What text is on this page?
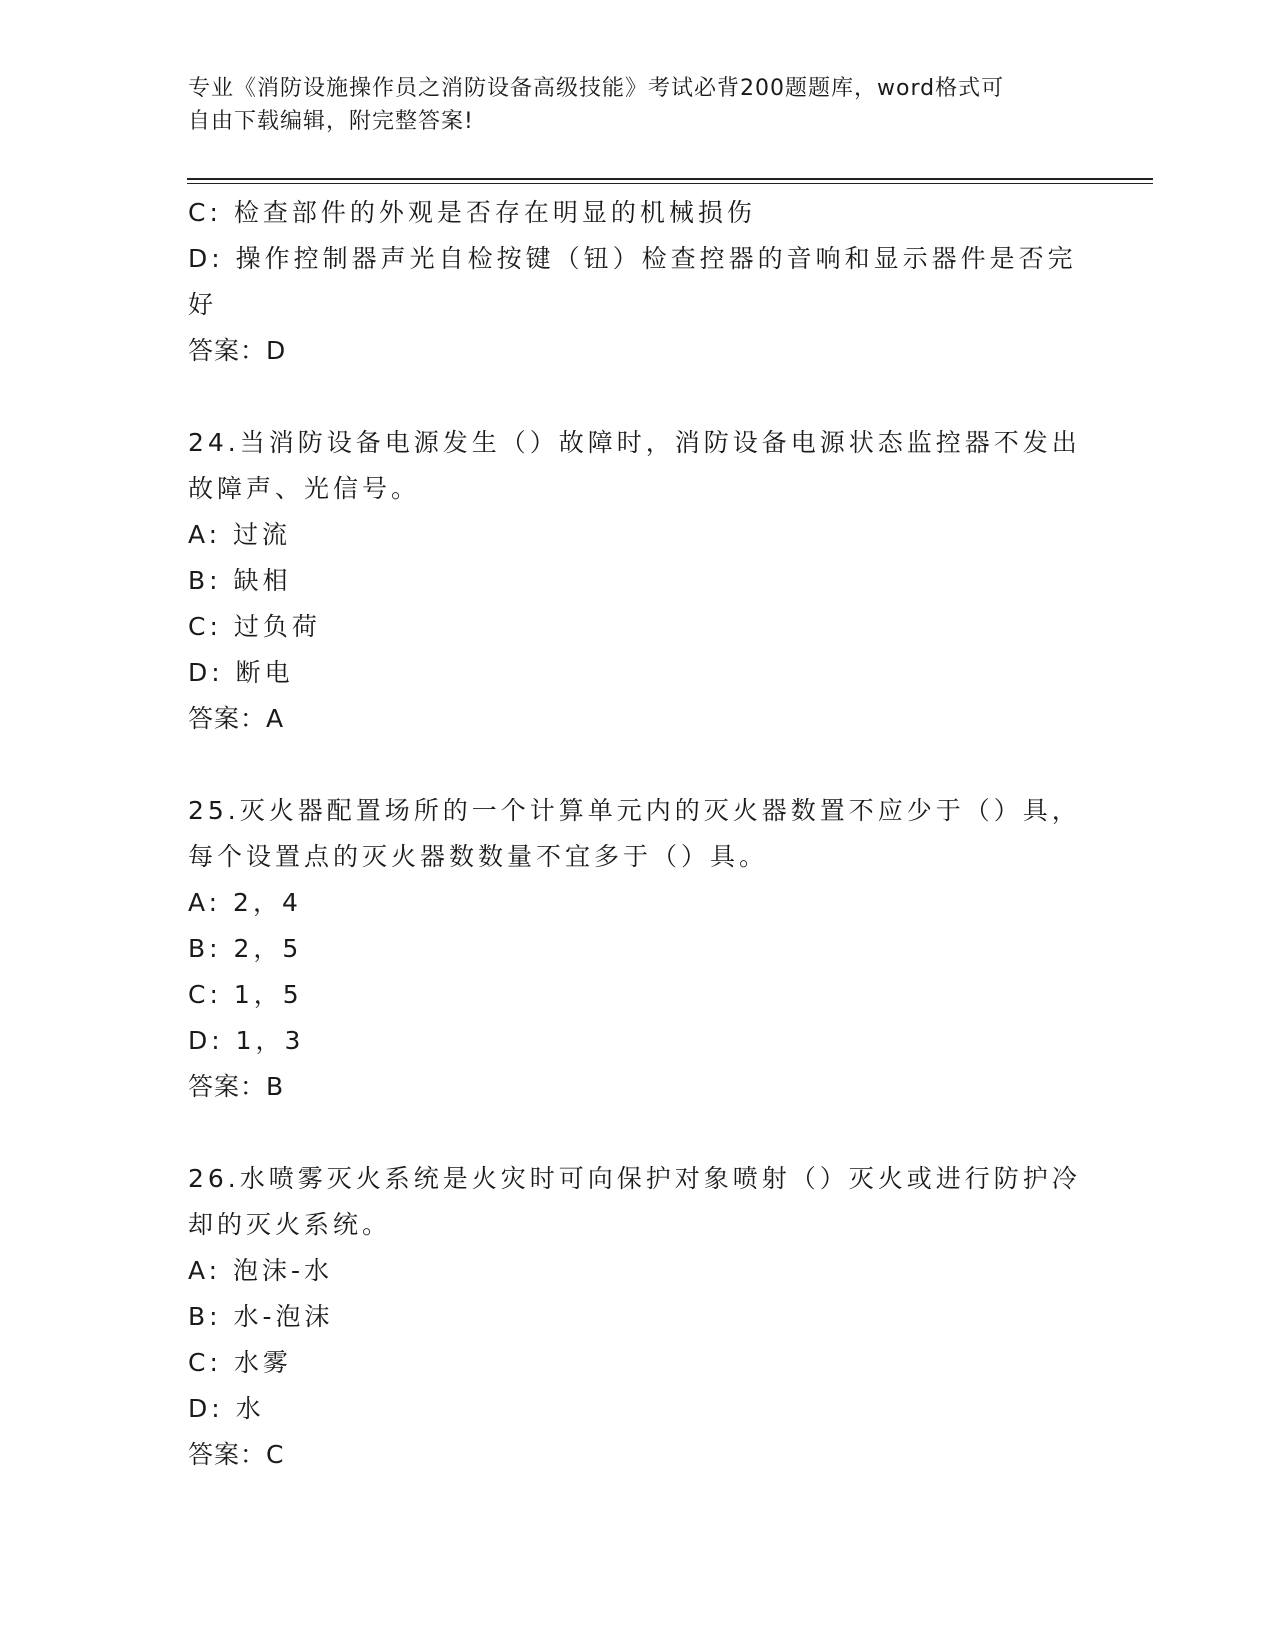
专业《消防设施操作员之消防设备高级技能》考试必背200题题库，word格式可
自由下载编辑，附完整答案!
C: 检查部件的外观是否存在明显的机械损伤
D: 操作控制器声光自检按键（钮）检查控器的音响和显示器件是否完
好
答案：D
24.当消防设备电源发生（）故障时，消防设备电源状态监控器不发出
故障声、光信号。
A: 过流
B: 缺相
C: 过负荷
D: 断电
答案：A
25.灭火器配置场所的一个计算单元内的灭火器数置不应少于（）具，
每个设置点的灭火器数数量不宜多于（）具。
A: 2，4
B: 2，5
C: 1，5
D: 1，3
答案：B
26.水喷雾灭火系统是火灾时可向保护对象喷射（）灭火或进行防护冷
却的灭火系统。
A: 泡沫-水
B: 水-泡沫
C: 水雾
D: 水
答案：C
